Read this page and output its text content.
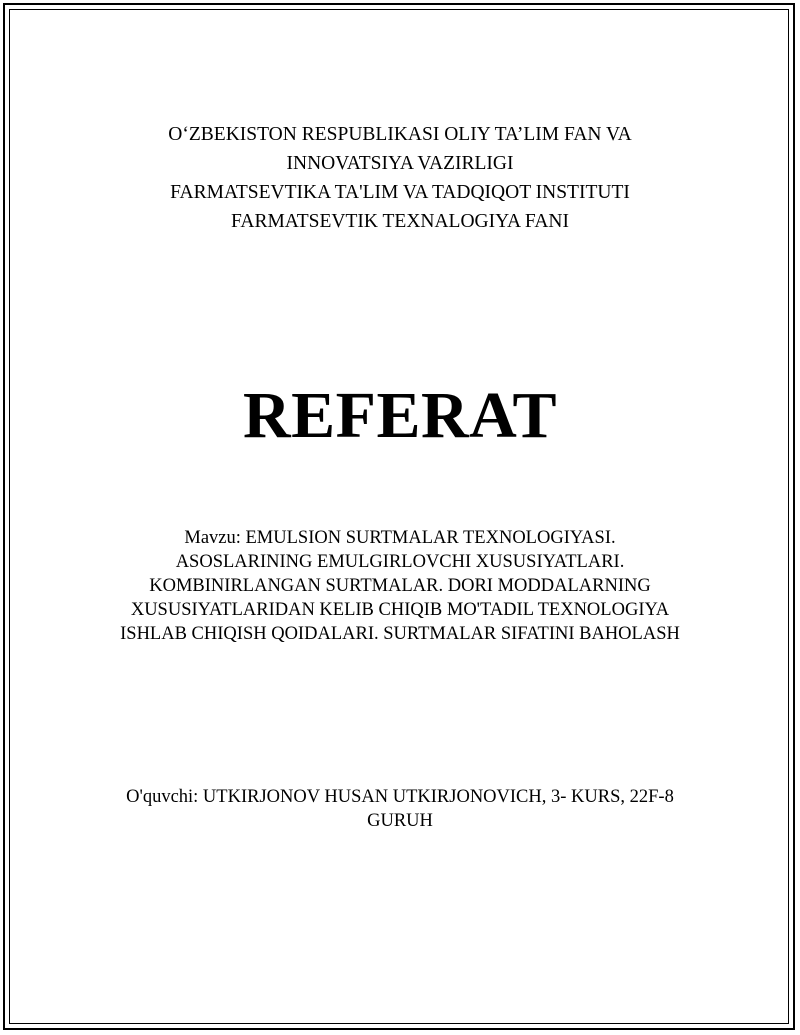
O‘ZBEKISTON RESPUBLIKASI OLIY TA’LIM FAN VA
INNOVATSIYA VAZIRLIGI
FARMATSEVTIKA TA'LIM VA TADQIQOT INSTITUTI
FARMATSEVTIK TEXNALOGIYA FANI
REFERAT
Mavzu: EMULSION SURTMALAR TEXNOLOGIYASI.
ASOSLARINING EMULGIRLOVCHI XUSUSIYATLARI.
KOMBINIRLANGAN SURTMALAR. DORI MODDALARNING
XUSUSIYATLARIDAN KELIB CHIQIB MO'TADIL TEXNOLOGIYA
ISHLAB CHIQISH QOIDALARI. SURTMALAR SIFATINI BAHOLASH
O'quvchi: UTKIRJONOV HUSAN UTKIRJONOVICH, 3- KURS, 22F-8
GURUH
